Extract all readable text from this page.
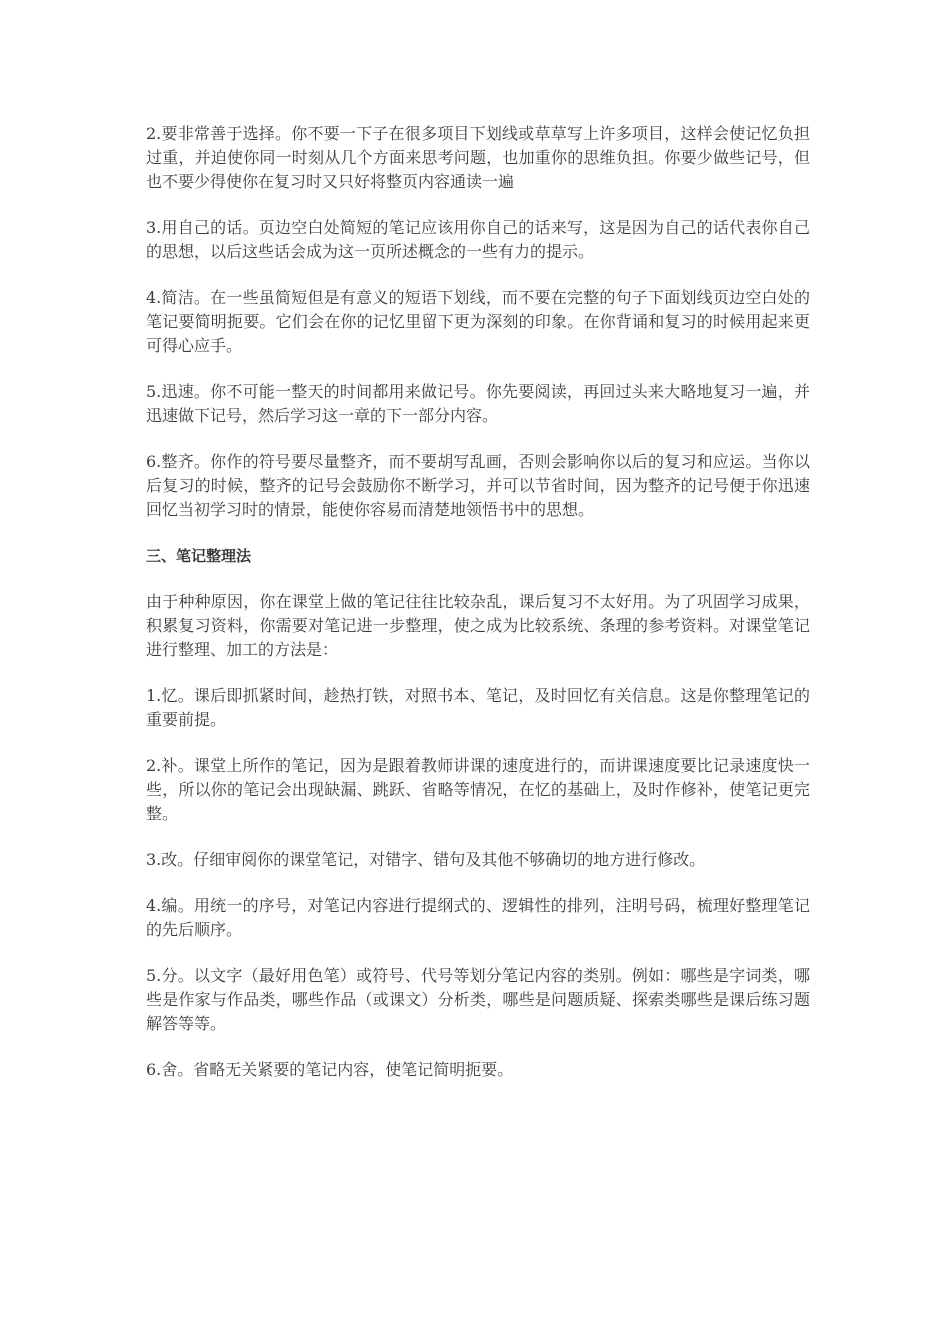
2.要非常善于选择。你不要一下子在很多项目下划线或草草写上许多项目，这样会使记忆负担过重，并迫使你同一时刻从几个方面来思考问题，也加重你的思维负担。你要少做些记号，但也不要少得使你在复习时又只好将整页内容通读一遍

3.用自己的话。页边空白处简短的笔记应该用你自己的话来写，这是因为自己的话代表你自己的思想，以后这些话会成为这一页所述概念的一些有力的提示。

4.简洁。在一些虽简短但是有意义的短语下划线，而不要在完整的句子下面划线页边空白处的笔记要简明扼要。它们会在你的记忆里留下更为深刻的印象。在你背诵和复习的时候用起来更可得心应手。

5.迅速。你不可能一整天的时间都用来做记号。你先要阅读，再回过头来大略地复习一遍，并迅速做下记号，然后学习这一章的下一部分内容。

6.整齐。你作的符号要尽量整齐，而不要胡写乱画，否则会影响你以后的复习和应运。当你以后复习的时候，整齐的记号会鼓励你不断学习，并可以节省时间，因为整齐的记号便于你迅速回忆当初学习时的情景，能使你容易而清楚地领悟书中的思想。

三、笔记整理法

由于种种原因，你在课堂上做的笔记往往比较杂乱，课后复习不太好用。为了巩固学习成果，积累复习资料，你需要对笔记进一步整理，使之成为比较系统、条理的参考资料。对课堂笔记进行整理、加工的方法是：

1.忆。课后即抓紧时间，趁热打铁，对照书本、笔记，及时回忆有关信息。这是你整理笔记的重要前提。

2.补。课堂上所作的笔记，因为是跟着教师讲课的速度进行的，而讲课速度要比记录速度快一些，所以你的笔记会出现缺漏、跳跃、省略等情况，在忆的基础上，及时作修补，使笔记更完整。

3.改。仔细审阅你的课堂笔记，对错字、错句及其他不够确切的地方进行修改。

4.编。用统一的序号，对笔记内容进行提纲式的、逻辑性的排列，注明号码，梳理好整理笔记的先后顺序。

5.分。以文字（最好用色笔）或符号、代号等划分笔记内容的类别。例如：哪些是字词类，哪些是作家与作品类，哪些作品（或课文）分析类，哪些是问题质疑、探索类哪些是课后练习题解答等等。

6.舍。省略无关紧要的笔记内容，使笔记简明扼要。
